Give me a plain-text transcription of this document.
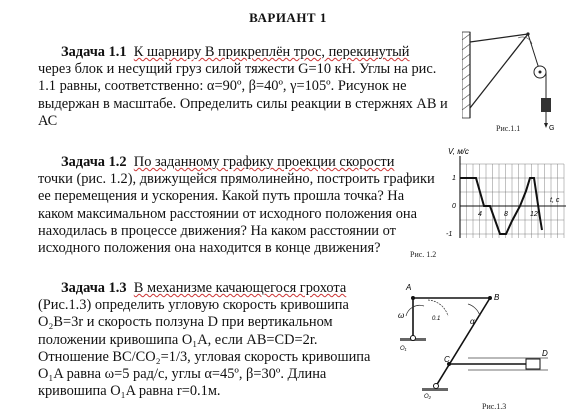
ВАРИАНТ 1
Задача 1.1 К шарниру В прикреплён трос, перекинутый
через блок и несущий груз силой тяжести G=10 кН. Углы на рис.
1.1 равны, соответственно: α=90º, β=40º, γ=105º. Рисунок не
выдержан в масштабе. Определить силы реакции в стержнях АВ и
АС	G
Рис.1.1
Задача 1.2 По заданному графику проекции скорости
точки (рис. 1.2), движущейся прямолинейно, построить графики
ее перемещения и ускорения. Какой путь прошла точка? На
каком максимальном расстоянии от исходного положения она
находилась в процессе движения? На каком расстоянии от
исходного положения она находится в конце движения?
V, м/с
1
0
-1
4	8	12
t, с
Рис. 1.2
Задача 1.3 В механизме качающегося грохота
(Рис.1.3) определить угловую скорость кривошипа
O₂B=3r и скорость ползуна D при вертикальном
положении кривошипа O₁A, если AB=CD=2r.
Отношение BC/CO₂=1/3, угловая скорость кривошипа
O₁A равна ω=5 рад/с, углы α=45º, β=30º. Длина
кривошипа O₁A равна r=0.1м.
A
B
C
D
ω
α
0.1
O₁
O₂
Рис.1.3
